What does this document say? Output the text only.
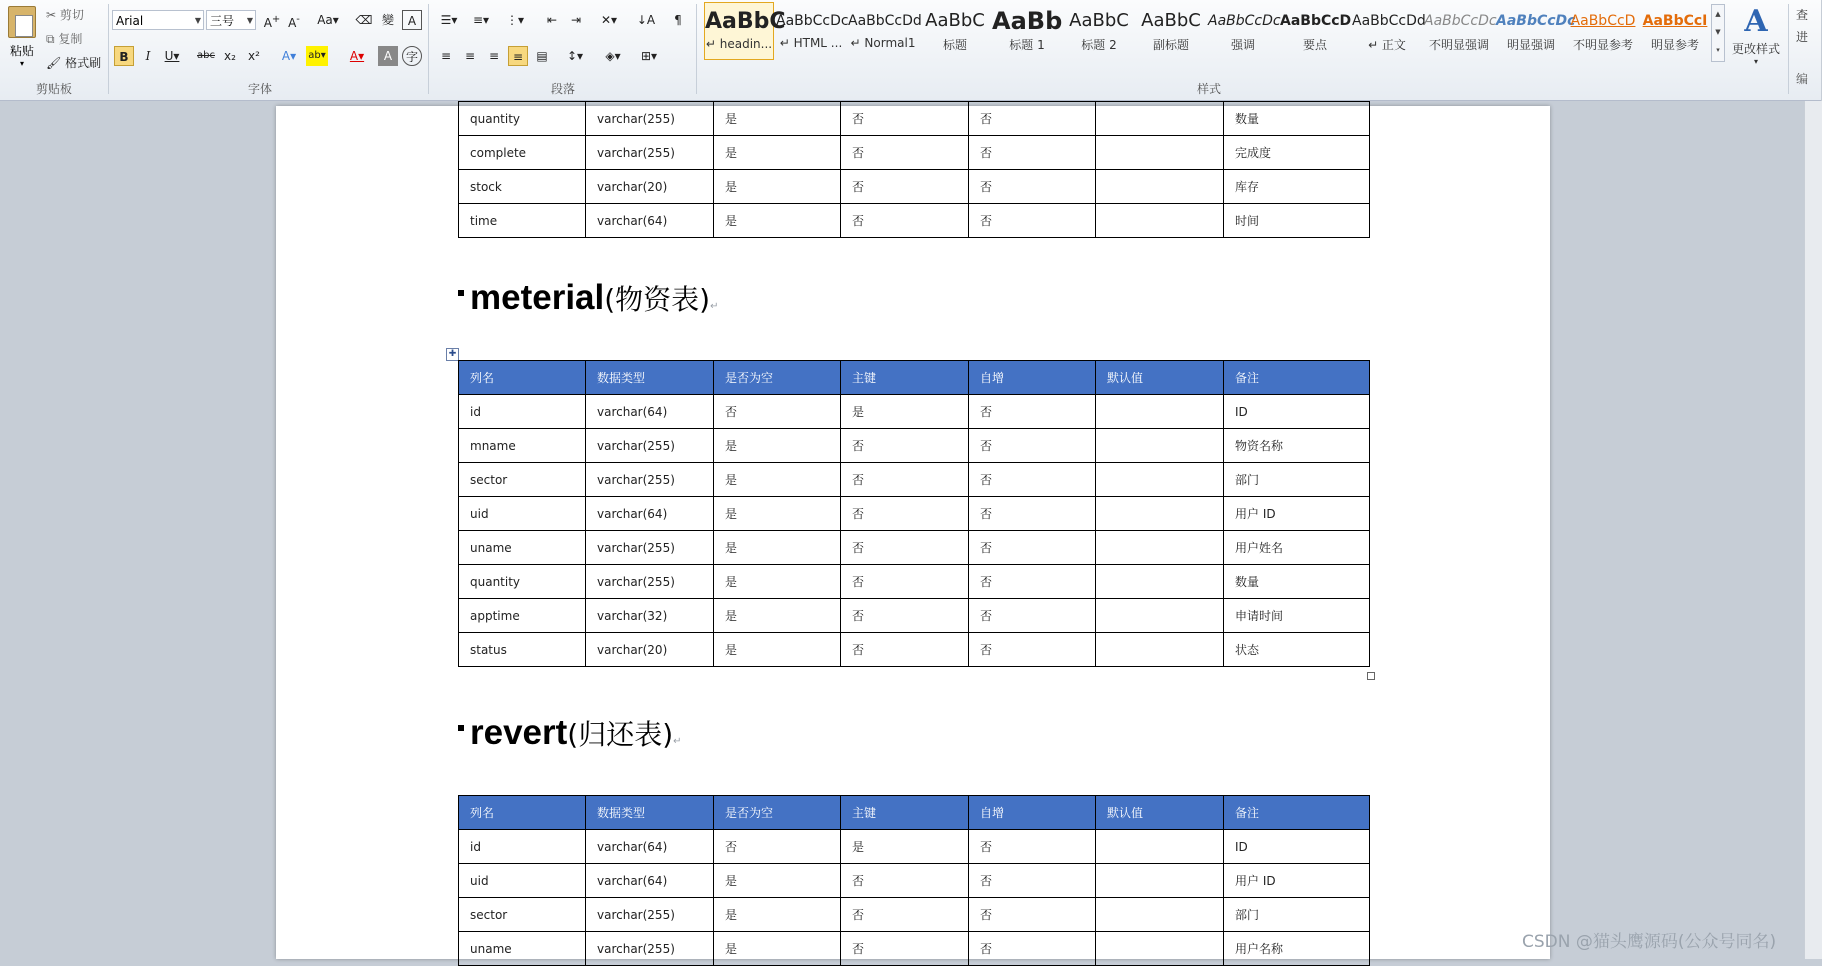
粘贴
▾
✂ 剪切
⧉ 复制
🖌 格式刷
剪贴板
Arial	▼ 三号 ▼ A+ A-	Aa▾ ⌫ 變	A
B	I	U▾ abc x₂	x²	A▾	ab▾	A▾	A	字
字体
☰▾	≡▾	⋮▾	⇤	⇥	✕▾	↓A	¶
≡	≡	≡	≡	▤	↕▾	◈▾	⊞▾
段落
AaBbC
↵ headin...
AaBbCcDc
↵ HTML ...
AaBbCcDd
↵ Normal1
AaBbC
标题
AaBb
标题 1
AaBbC
标题 2
AaBbC
副标题
AaBbCcDc
强调
AaBbCcD
要点
AaBbCcDd
↵ 正文
AaBbCcDc
不明显强调
AaBbCcDc
明显强调
AaBbCcD
不明显参考
AaBbCcI
明显参考
▲
▼
▾
A
更改样式
▾
样式
查
进
编
quantity	varchar(255)	是	否	否		数量
complete	varchar(255)	是	否	否		完成度
stock	varchar(20)	是	否	否		库存
time	varchar(64)	是	否	否		时间
meterial(物资表)↵
✚
列名	数据类型	是否为空	主键	自增	默认值	备注
id	varchar(64)	否	是	否		ID
mname	varchar(255)	是	否	否		物资名称
sector	varchar(255)	是	否	否		部门
uid	varchar(64)	是	否	否		用户 ID
uname	varchar(255)	是	否	否		用户姓名
quantity	varchar(255)	是	否	否		数量
apptime	varchar(32)	是	否	否		申请时间
status	varchar(20)	是	否	否		状态
revert(归还表)↵
列名	数据类型	是否为空	主键	自增	默认值	备注
id	varchar(64)	否	是	否		ID
uid	varchar(64)	是	否	否		用户 ID
sector	varchar(255)	是	否	否		部门
uname	varchar(255)	是	否	否		用户名称	CSDN @猫头鹰源码(公众号同名)
